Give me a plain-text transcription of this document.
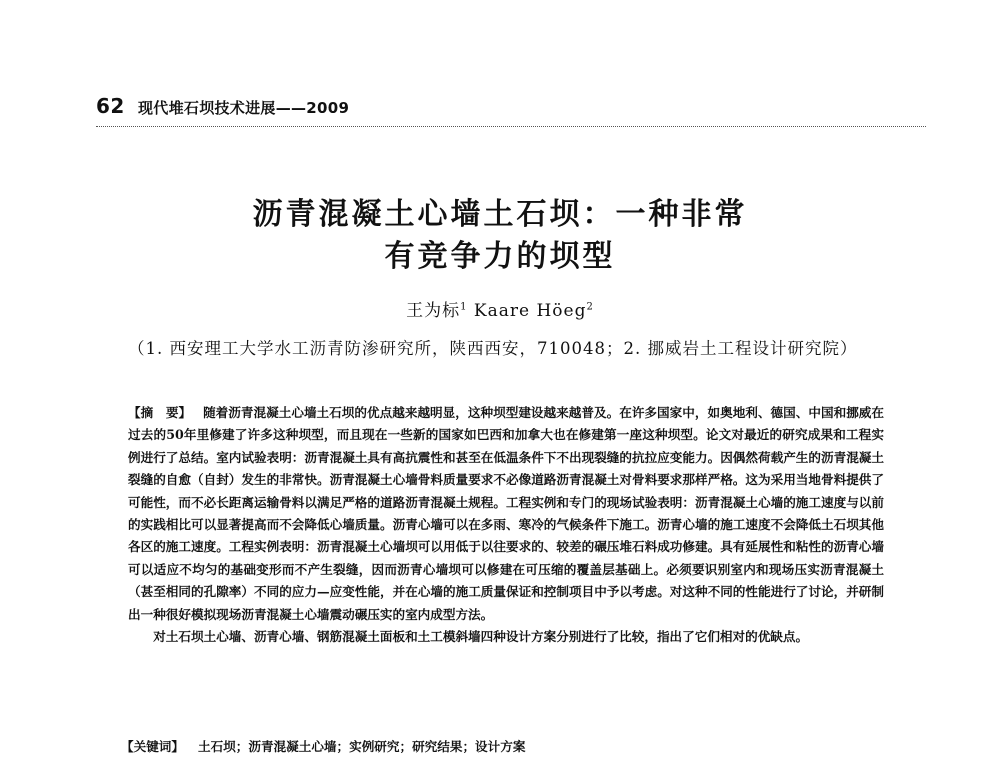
62 现代堆石坝技术进展——2009
沥青混凝土心墙土石坝：一种非常
有竞争力的坝型
王为标$^1$ Kaare Höeg$^2$
（1. 西安理工大学水工沥青防渗研究所，陕西西安，710048；2. 挪威岩土工程设计研究院）

【摘　要】 随着沥青混凝土心墙土石坝的优点越来越明显，这种坝型建设越来越普及。在许多国家中，如奥地利、德国、中国和挪威在过去的50年里修建了许多这种坝型，而且现在一些新的国家如巴西和加拿大也在修建第一座这种坝型。论文对最近的研究成果和工程实例进行了总结。室内试验表明：沥青混凝土具有高抗震性和甚至在低温条件下不出现裂缝的抗拉应变能力。因偶然荷载产生的沥青混凝土裂缝的自愈（自封）发生的非常快。沥青混凝土心墙骨料质量要求不必像道路沥青混凝土对骨料要求那样严格。这为采用当地骨料提供了可能性，而不必长距离运输骨料以满足严格的道路沥青混凝土规程。工程实例和专门的现场试验表明：沥青混凝土心墙的施工速度与以前的实践相比可以显著提高而不会降低心墙质量。沥青心墙可以在多雨、寒冷的气候条件下施工。沥青心墙的施工速度不会降低土石坝其他各区的施工速度。工程实例表明：沥青混凝土心墙坝可以用低于以往要求的、较差的碾压堆石料成功修建。具有延展性和粘性的沥青心墙可以适应不均匀的基础变形而不产生裂缝，因而沥青心墙坝可以修建在可压缩的覆盖层基础上。必须要识别室内和现场压实沥青混凝土（甚至相同的孔隙率）不同的应力—应变性能，并在心墙的施工质量保证和控制项目中予以考虑。对这种不同的性能进行了讨论，并研制出一种很好模拟现场沥青混凝土心墙震动碾压实的室内成型方法。

对土石坝土心墙、沥青心墙、钢筋混凝土面板和土工模斜墙四种设计方案分别进行了比较，指出了它们相对的优缺点。

【关键词】 土石坝；沥青混凝土心墙；实例研究；研究结果；设计方案
